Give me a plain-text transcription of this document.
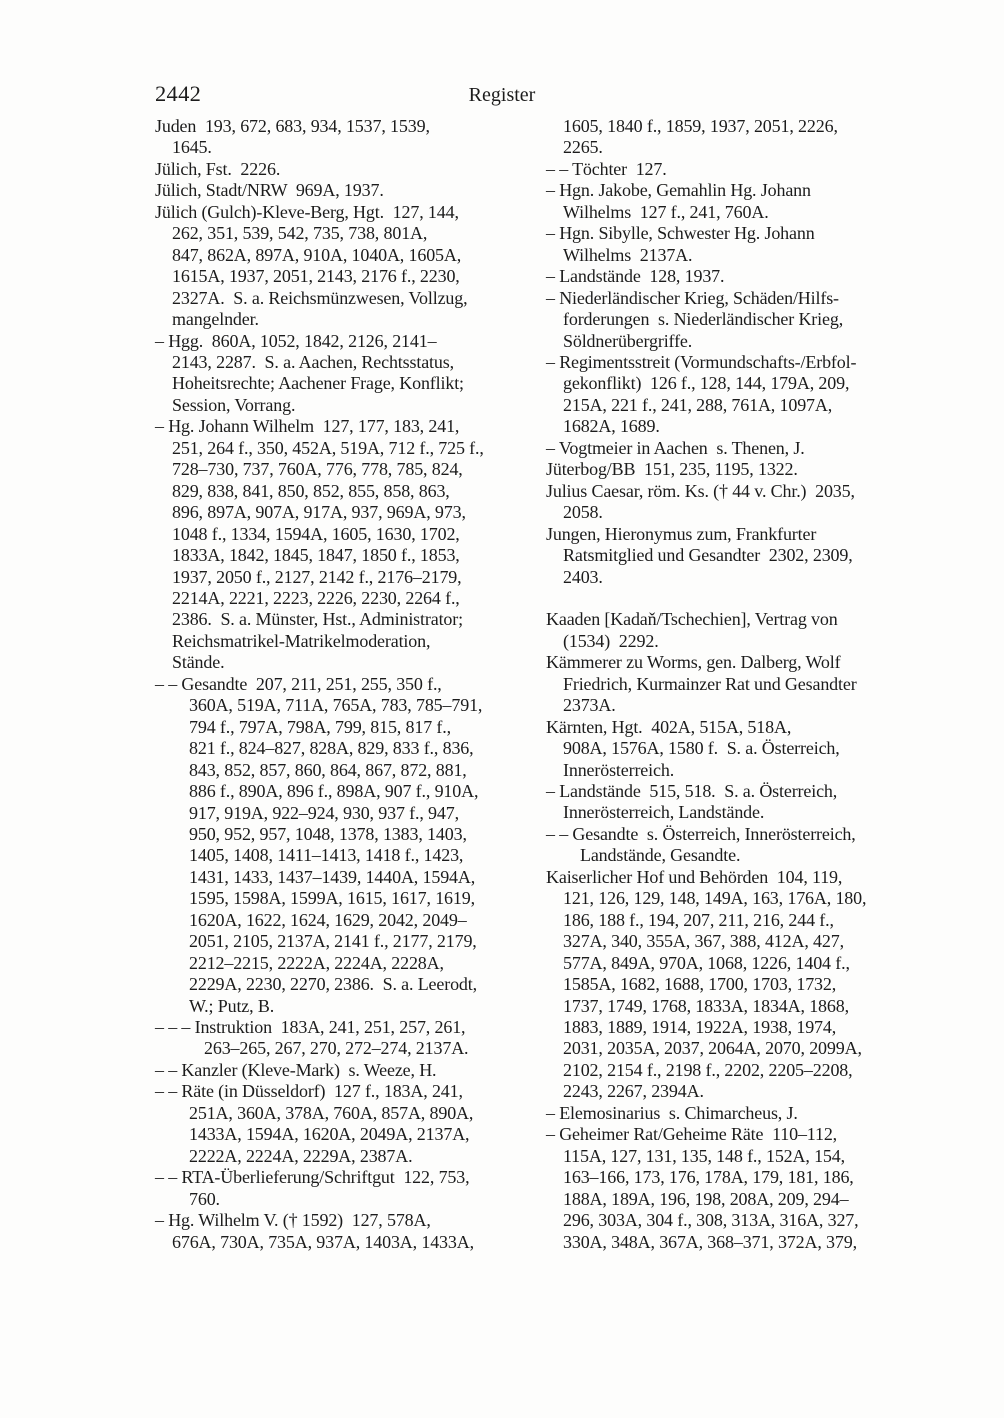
2442	Register
Juden  193, 672, 683, 934, 1537, 1539,
1645.
Jülich, Fst.  2226.
Jülich, Stadt/NRW  969A, 1937.
Jülich (Gulch)-Kleve-Berg, Hgt.  127, 144,
262, 351, 539, 542, 735, 738, 801A,
847, 862A, 897A, 910A, 1040A, 1605A,
1615A, 1937, 2051, 2143, 2176 f., 2230,
2327A.  S. a. Reichsmünzwesen, Vollzug,
mangelnder.
– Hgg.  860A, 1052, 1842, 2126, 2141–
2143, 2287.  S. a. Aachen, Rechtsstatus,
Hoheitsrechte; Aachener Frage, Konflikt;
Session, Vorrang.
– Hg. Johann Wilhelm  127, 177, 183, 241,
251, 264 f., 350, 452A, 519A, 712 f., 725 f.,
728–730, 737, 760A, 776, 778, 785, 824,
829, 838, 841, 850, 852, 855, 858, 863,
896, 897A, 907A, 917A, 937, 969A, 973,
1048 f., 1334, 1594A, 1605, 1630, 1702,
1833A, 1842, 1845, 1847, 1850 f., 1853,
1937, 2050 f., 2127, 2142 f., 2176–2179,
2214A, 2221, 2223, 2226, 2230, 2264 f.,
2386.  S. a. Münster, Hst., Administrator;
Reichsmatrikel-Matrikelmoderation,
Stände.
– – Gesandte  207, 211, 251, 255, 350 f.,
360A, 519A, 711A, 765A, 783, 785–791,
794 f., 797A, 798A, 799, 815, 817 f.,
821 f., 824–827, 828A, 829, 833 f., 836,
843, 852, 857, 860, 864, 867, 872, 881,
886 f., 890A, 896 f., 898A, 907 f., 910A,
917, 919A, 922–924, 930, 937 f., 947,
950, 952, 957, 1048, 1378, 1383, 1403,
1405, 1408, 1411–1413, 1418 f., 1423,
1431, 1433, 1437–1439, 1440A, 1594A,
1595, 1598A, 1599A, 1615, 1617, 1619,
1620A, 1622, 1624, 1629, 2042, 2049–
2051, 2105, 2137A, 2141 f., 2177, 2179,
2212–2215, 2222A, 2224A, 2228A,
2229A, 2230, 2270, 2386.  S. a. Leerodt,
W.; Putz, B.
– – – Instruktion  183A, 241, 251, 257, 261,
263–265, 267, 270, 272–274, 2137A.
– – Kanzler (Kleve-Mark)  s. Weeze, H.
– – Räte (in Düsseldorf)  127 f., 183A, 241,
251A, 360A, 378A, 760A, 857A, 890A,
1433A, 1594A, 1620A, 2049A, 2137A,
2222A, 2224A, 2229A, 2387A.
– – RTA-Überlieferung/Schriftgut  122, 753,
760.
– Hg. Wilhelm V. († 1592)  127, 578A,
676A, 730A, 735A, 937A, 1403A, 1433A,
1605, 1840 f., 1859, 1937, 2051, 2226,
2265.
– – Töchter  127.
– Hgn. Jakobe, Gemahlin Hg. Johann
Wilhelms  127 f., 241, 760A.
– Hgn. Sibylle, Schwester Hg. Johann
Wilhelms  2137A.
– Landstände  128, 1937.
– Niederländischer Krieg, Schäden/Hilfs-
forderungen  s. Niederländischer Krieg,
Söldnerübergriffe.
– Regimentsstreit (Vormundschafts-/Erbfol-
gekonflikt)  126 f., 128, 144, 179A, 209,
215A, 221 f., 241, 288, 761A, 1097A,
1682A, 1689.
– Vogtmeier in Aachen  s. Thenen, J.
Jüterbog/BB  151, 235, 1195, 1322.
Julius Caesar, röm. Ks. († 44 v. Chr.)  2035,
2058.
Jungen, Hieronymus zum, Frankfurter
Ratsmitglied und Gesandter  2302, 2309,
2403.
Kaaden [Kadaň/Tschechien], Vertrag von
(1534)  2292.
Kämmerer zu Worms, gen. Dalberg, Wolf
Friedrich, Kurmainzer Rat und Gesandter
2373A.
Kärnten, Hgt.  402A, 515A, 518A,
908A, 1576A, 1580 f.  S. a. Österreich,
Innerösterreich.
– Landstände  515, 518.  S. a. Österreich,
Innerösterreich, Landstände.
– – Gesandte  s. Österreich, Innerösterreich,
Landstände, Gesandte.
Kaiserlicher Hof und Behörden  104, 119,
121, 126, 129, 148, 149A, 163, 176A, 180,
186, 188 f., 194, 207, 211, 216, 244 f.,
327A, 340, 355A, 367, 388, 412A, 427,
577A, 849A, 970A, 1068, 1226, 1404 f.,
1585A, 1682, 1688, 1700, 1703, 1732,
1737, 1749, 1768, 1833A, 1834A, 1868,
1883, 1889, 1914, 1922A, 1938, 1974,
2031, 2035A, 2037, 2064A, 2070, 2099A,
2102, 2154 f., 2198 f., 2202, 2205–2208,
2243, 2267, 2394A.
– Elemosinarius  s. Chimarcheus, J.
– Geheimer Rat/Geheime Räte  110–112,
115A, 127, 131, 135, 148 f., 152A, 154,
163–166, 173, 176, 178A, 179, 181, 186,
188A, 189A, 196, 198, 208A, 209, 294–
296, 303A, 304 f., 308, 313A, 316A, 327,
330A, 348A, 367A, 368–371, 372A, 379,
